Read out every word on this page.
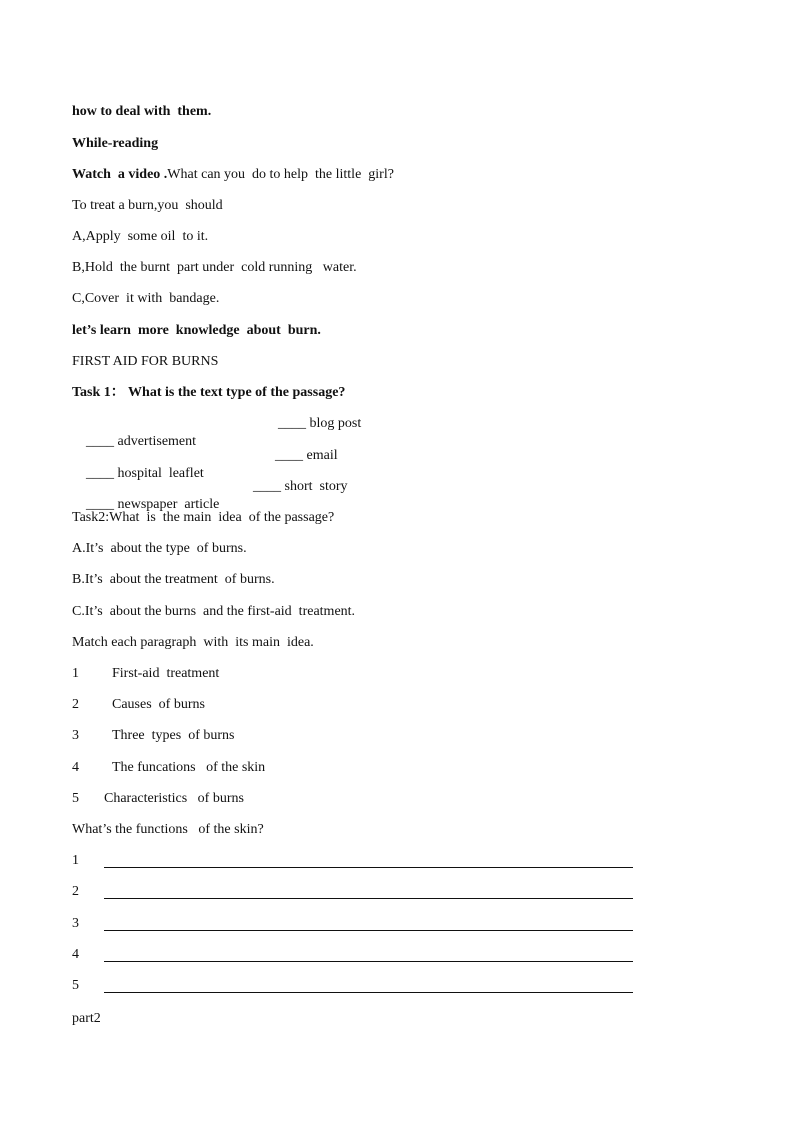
how to deal with  them.
While-reading
Watch  a video .What can you  do to help  the little  girl?
To treat a burn,you  should
A,Apply  some oil  to it.
B,Hold  the burnt  part under  cold running   water.
C,Cover  it with  bandage.
let’s learn  more  knowledge  about  burn.
FIRST AID FOR BURNS
Task 1： What is the text type of the passage?

____ advertisement

____ blog post

____ hospital  leaflet

____ email

____ newspaper  article

____ short  story

Task2:What  is  the main  idea  of the passage?
A.It’s  about the type  of burns.
B.It’s  about the treatment  of burns.
C.It’s  about the burns  and the first-aid  treatment.
Match each paragraph  with  its main  idea.
1 First-aid  treatment
2 Causes  of burns
3 Three  types  of burns
4 The funcations   of the skin
5 Characteristics   of burns
What’s the functions   of the skin?
1
2
3
4
5
part2
